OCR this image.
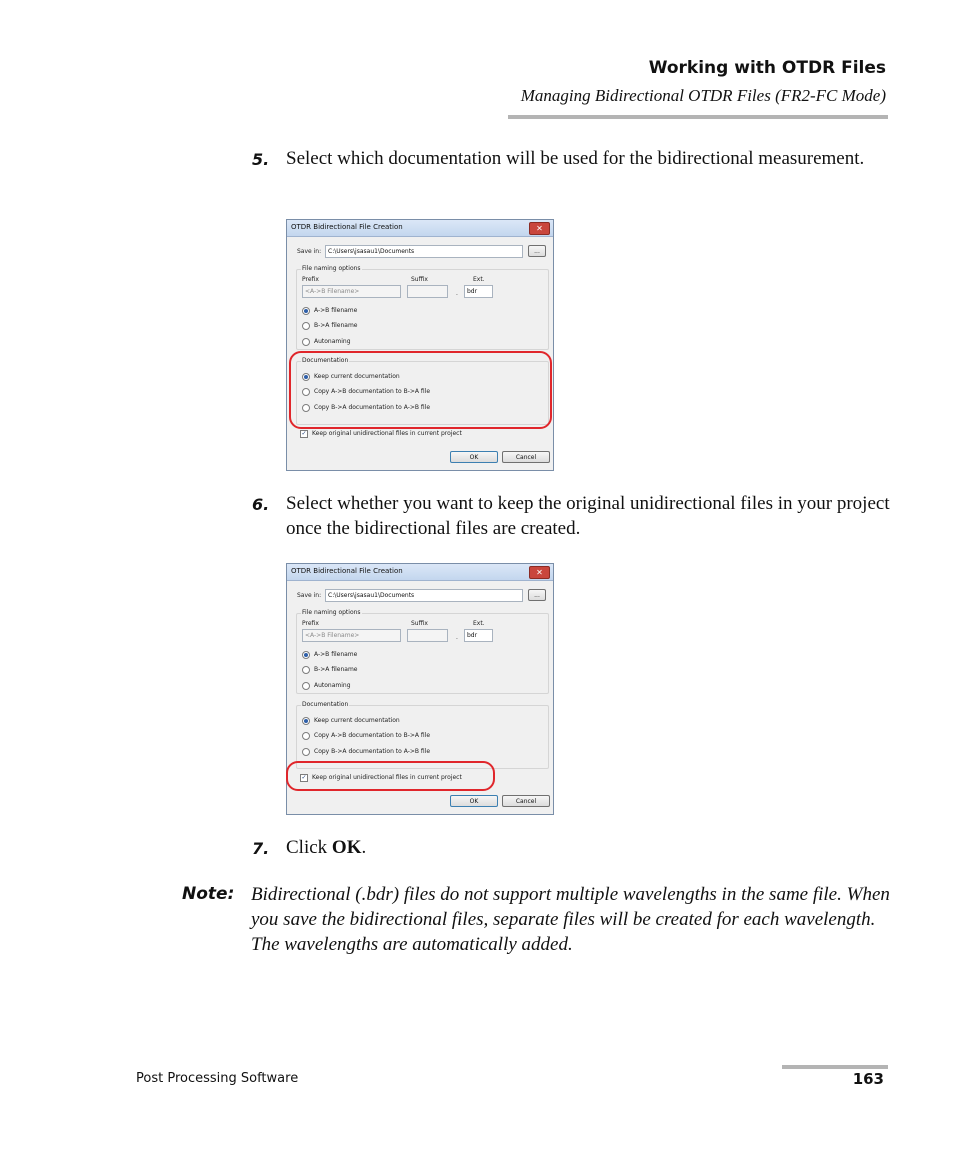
Working with OTDR Files
Managing Bidirectional OTDR Files (FR2-FC Mode)
5. Select which documentation will be used for the bidirectional measurement.
OTDR Bidirectional File Creation	✕
Save in:	C:\Users\jsasau1\Documents	...
File naming options
Prefix	Suffix	Ext.
<A->B Filename>	.	bdr
A->B filename
B->A filename
Autonaming
Documentation
Keep current documentation
Copy A->B documentation to B->A file
Copy B->A documentation to A->B file
✓ Keep original unidirectional files in current project
OK	Cancel
6. Select whether you want to keep the original unidirectional files in your project once the bidirectional files are created.
OTDR Bidirectional File Creation	✕
Save in:	C:\Users\jsasau1\Documents	...
File naming options
Prefix	Suffix	Ext.
<A->B Filename>	.	bdr
A->B filename
B->A filename
Autonaming
Documentation
Keep current documentation
Copy A->B documentation to B->A file
Copy B->A documentation to A->B file
✓ Keep original unidirectional files in current project
OK	Cancel
7. Click OK.
Note: Bidirectional (.bdr) files do not support multiple wavelengths in the same file. When you save the bidirectional files, separate files will be created for each wavelength. The wavelengths are automatically added.
Post Processing Software	163
